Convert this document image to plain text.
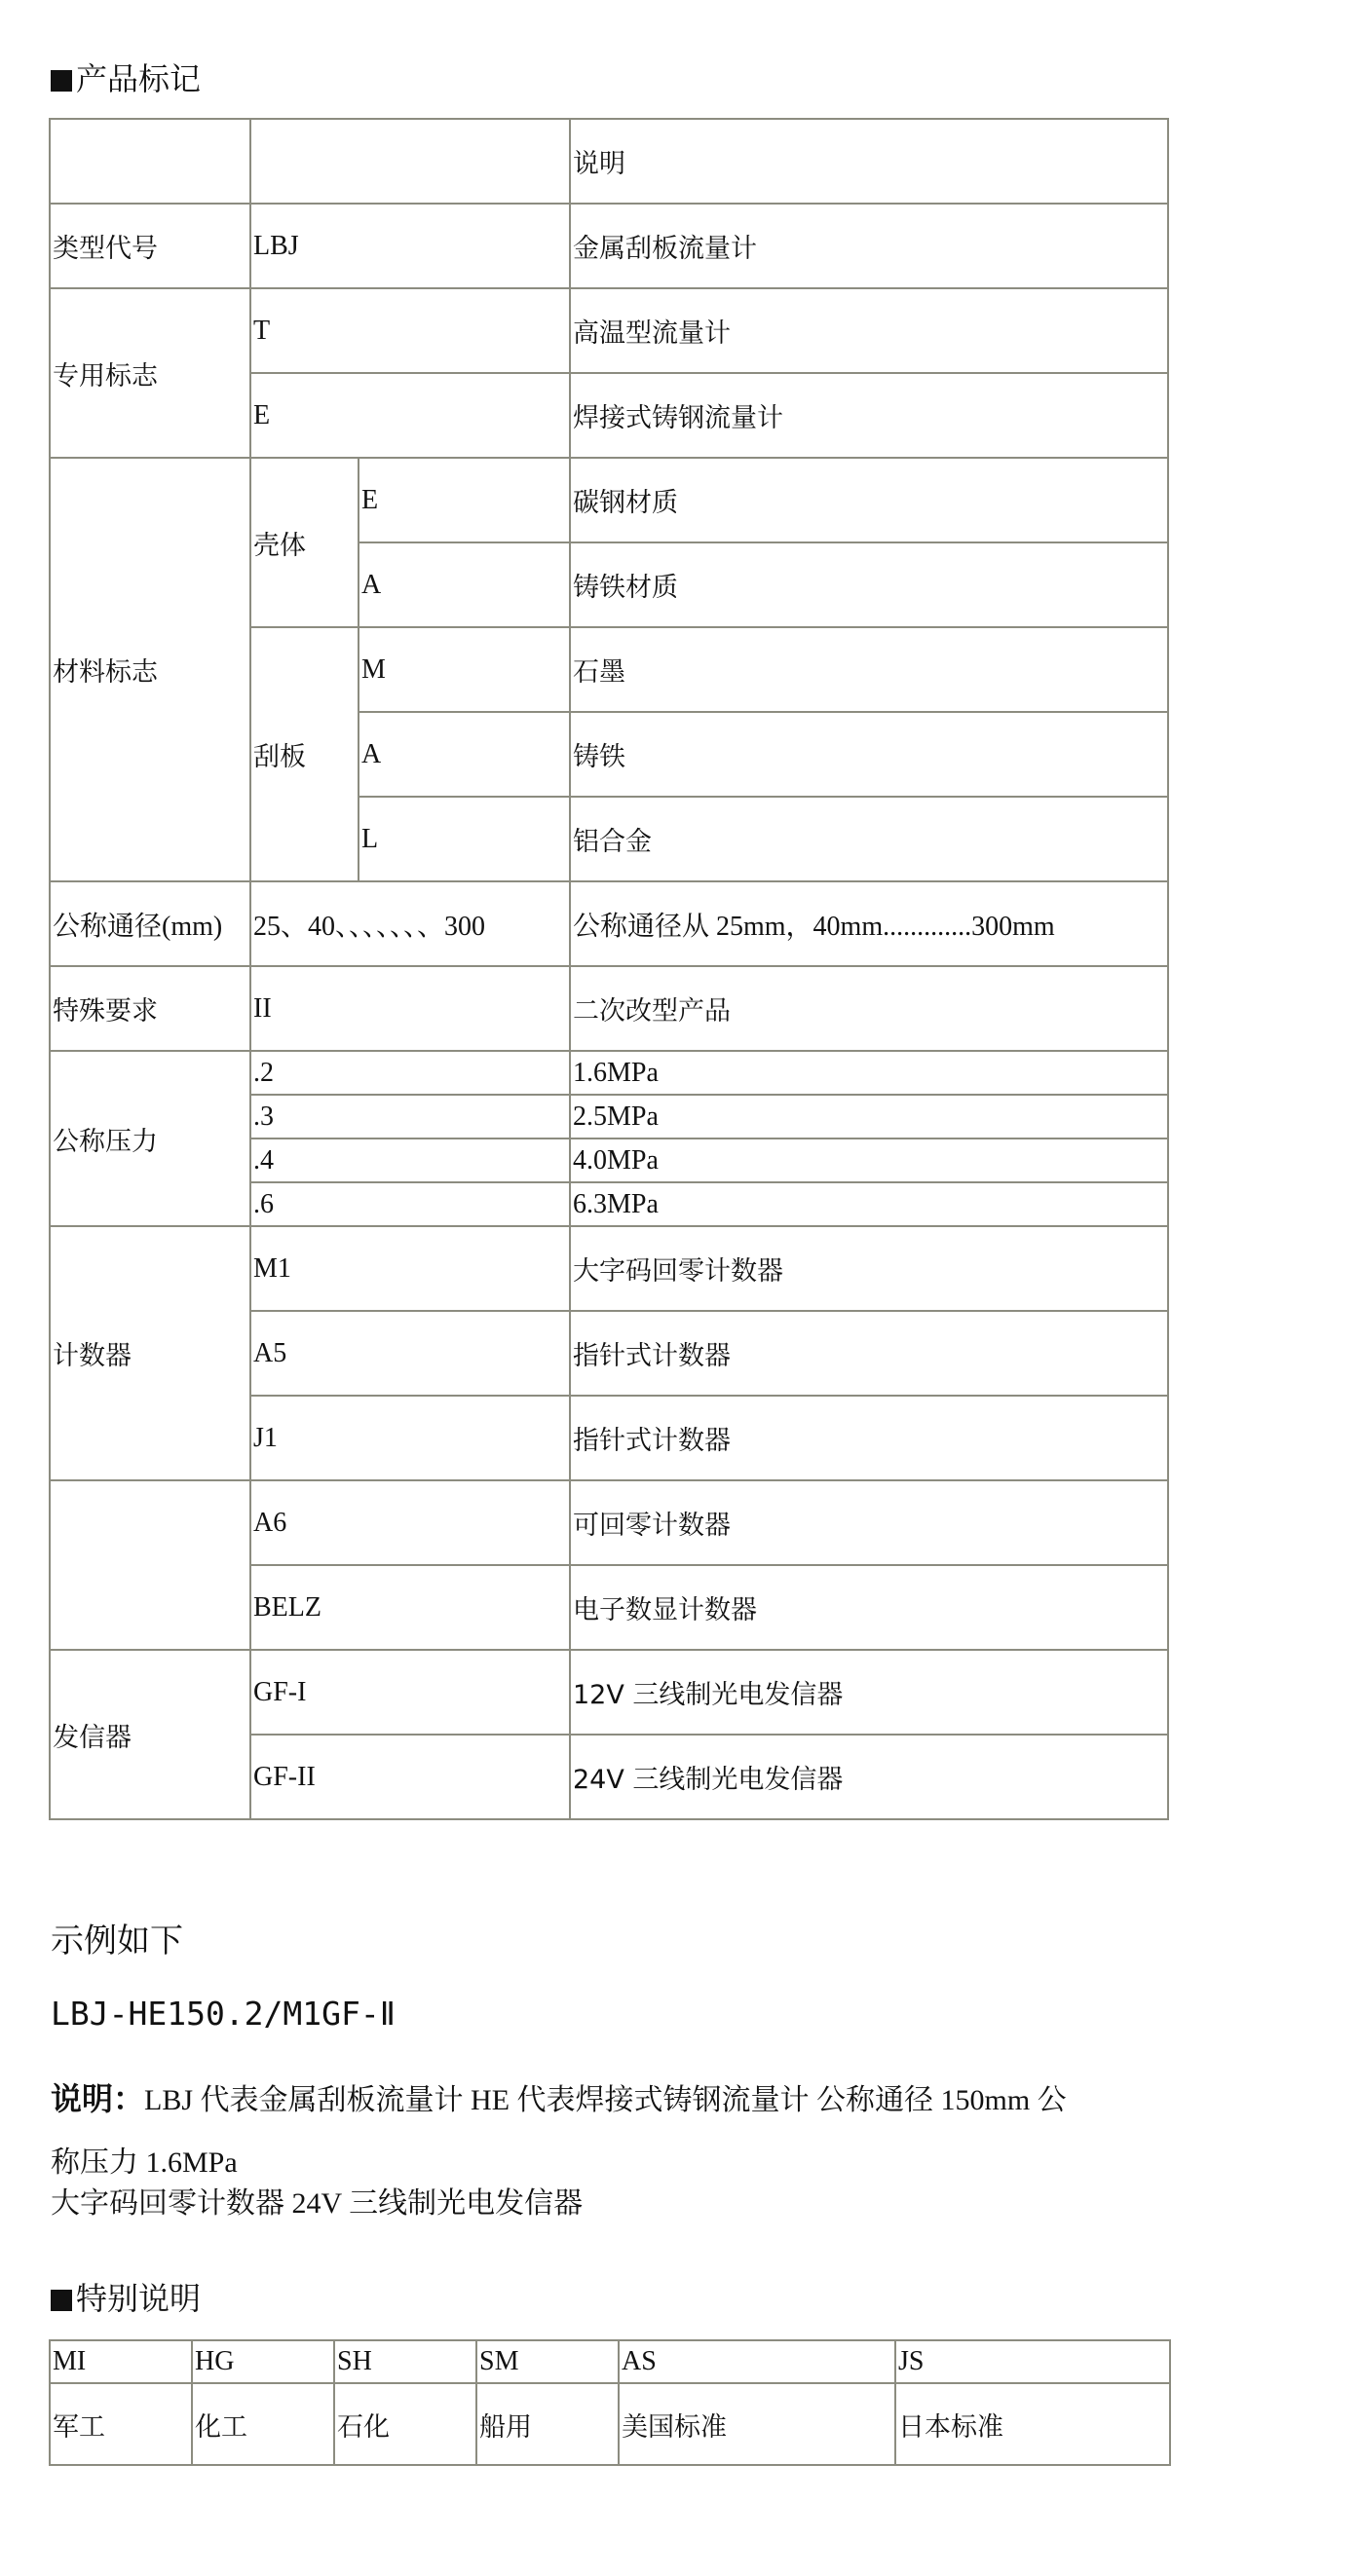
产品标记
			说明
类型代号	LBJ		金属刮板流量计
专用标志	T		高温型流量计
	E		焊接式铸钢流量计
材料标志	壳体	E	碳钢材质
		A	铸铁材质
	刮板	M	石墨
		A	铸铁
		L	铝合金
公称通径(mm)	25、40、、、、、、、300		公称通径从 25mm，40mm.............300mm
特殊要求	II		二次改型产品
公称压力	.2		1.6MPa
	.3		2.5MPa
	.4		4.0MPa
	.6		6.3MPa
计数器	M1		大字码回零计数器
	A5		指针式计数器
	J1		指针式计数器
	A6	可回零计数器
	BELZ	电子数显计数器
发信器	GF-I	12V 三线制光电发信器
	GF-II	24V 三线制光电发信器
示例如下
LBJ-HE150.2/M1GF-Ⅱ
说明：LBJ 代表金属刮板流量计 HE 代表焊接式铸钢流量计 公称通径 150mm 公
称压力 1.6MPa
大字码回零计数器 24V 三线制光电发信器
特别说明
MI	HG	SH	SM	AS	JS
军工	化工	石化	船用	美国标准	日本标准
